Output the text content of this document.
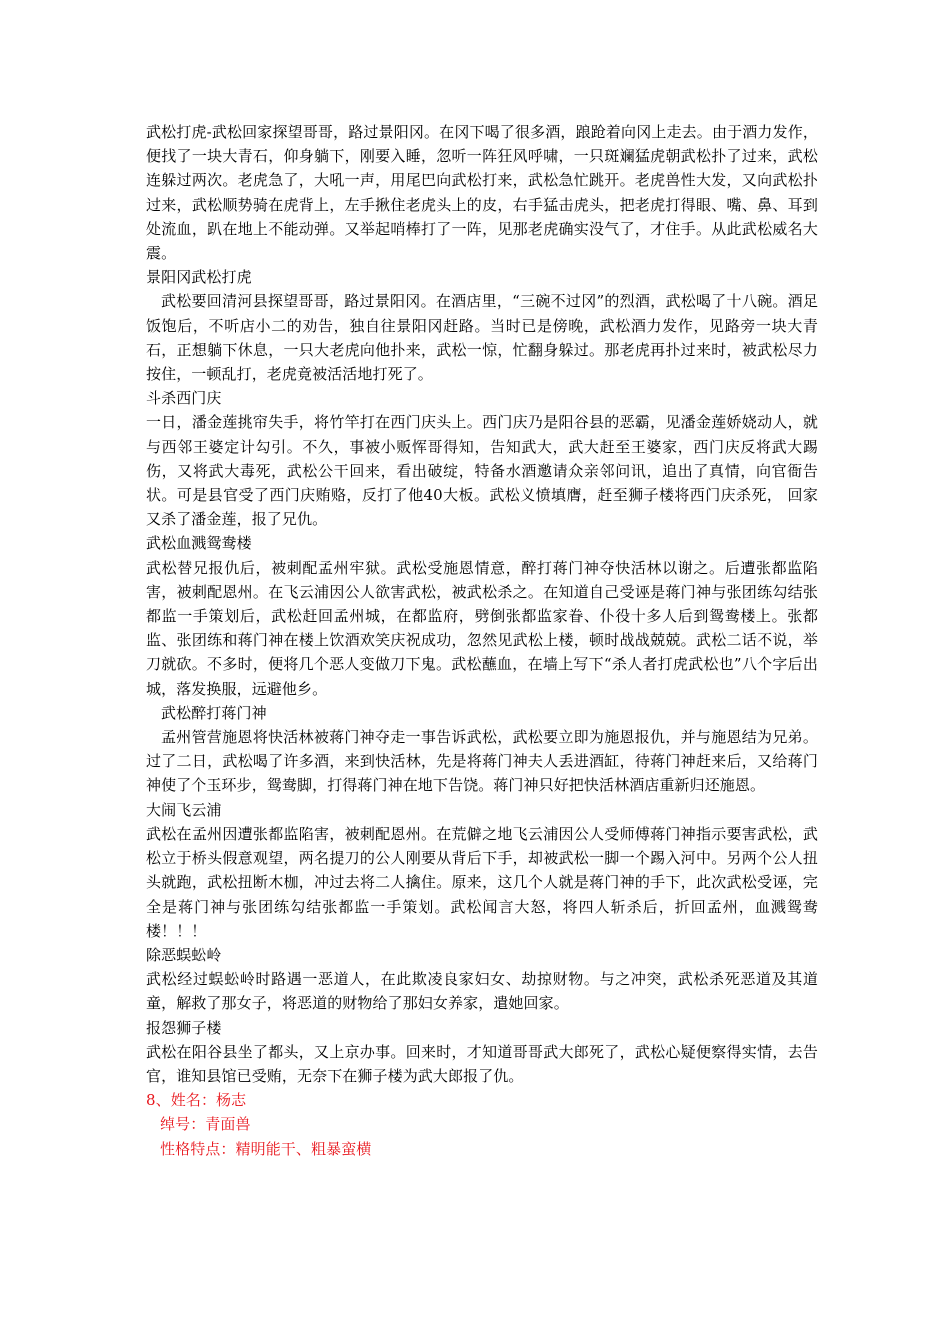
武松打虎-武松回家探望哥哥，路过景阳冈。在冈下喝了很多酒，踉跄着向冈上走去。由于酒力发作，便找了一块大青石，仰身躺下，刚要入睡，忽听一阵狂风呼啸，一只斑斓猛虎朝武松扑了过来，武松连躲过两次。老虎急了，大吼一声，用尾巴向武松打来，武松急忙跳开。老虎兽性大发，又向武松扑过来，武松顺势骑在虎背上，左手揪住老虎头上的皮，右手猛击虎头，把老虎打得眼、嘴、鼻、耳到处流血，趴在地上不能动弹。又举起哨棒打了一阵，见那老虎确实没气了，才住手。从此武松威名大震。

景阳冈武松打虎

武松要回清河县探望哥哥，路过景阳冈。在酒店里，“三碗不过冈”的烈酒，武松喝了十八碗。酒足饭饱后，不听店小二的劝告，独自往景阳冈赶路。当时已是傍晚，武松酒力发作，见路旁一块大青石，正想躺下休息，一只大老虎向他扑来，武松一惊，忙翻身躲过。那老虎再扑过来时，被武松尽力按住，一顿乱打，老虎竟被活活地打死了。

斗杀西门庆

一日，潘金莲挑帘失手，将竹竿打在西门庆头上。西门庆乃是阳谷县的恶霸，见潘金莲娇娆动人，就与西邻王婆定计勾引。不久，事被小贩恽哥得知，告知武大，武大赶至王婆家，西门庆反将武大踢伤，又将武大毒死，武松公干回来，看出破绽，特备水酒邀请众亲邻问讯，追出了真情，向官衙告状。可是县官受了西门庆贿赂，反打了他40大板。武松义愤填膺，赶至狮子楼将西门庆杀死， 回家又杀了潘金莲，报了兄仇。

武松血溅鸳鸯楼

武松替兄报仇后，被刺配孟州牢狱。武松受施恩情意，醉打蒋门神夺快活林以谢之。后遭张都监陷害，被刺配恩州。在飞云浦因公人欲害武松，被武松杀之。在知道自己受诬是蒋门神与张团练勾结张都监一手策划后，武松赶回孟州城，在都监府，劈倒张都监家眷、仆役十多人后到鸳鸯楼上。张都监、张团练和蒋门神在楼上饮酒欢笑庆祝成功，忽然见武松上楼，顿时战战兢兢。武松二话不说，举刀就砍。不多时，便将几个恶人变做刀下鬼。武松蘸血，在墙上写下“杀人者打虎武松也”八个字后出城，落发换服，远避他乡。

武松醉打蒋门神

孟州管营施恩将快活林被蒋门神夺走一事告诉武松，武松要立即为施恩报仇，并与施恩结为兄弟。过了二日，武松喝了许多酒，来到快活林，先是将蒋门神夫人丢进酒缸，待蒋门神赶来后，又给蒋门神使了个玉环步，鸳鸯脚，打得蒋门神在地下告饶。蒋门神只好把快活林酒店重新归还施恩。

大闹飞云浦

武松在孟州因遭张都监陷害，被刺配恩州。在荒僻之地飞云浦因公人受师傅蒋门神指示要害武松，武松立于桥头假意观望，两名提刀的公人刚要从背后下手，却被武松一脚一个踢入河中。另两个公人扭头就跑，武松扭断木枷，冲过去将二人擒住。原来，这几个人就是蒋门神的手下，此次武松受诬，完全是蒋门神与张团练勾结张都监一手策划。武松闻言大怒，将四人斩杀后，折回孟州，血溅鸳鸯楼！！！

除恶蜈蚣岭

武松经过蜈蚣岭时路遇一恶道人，在此欺凌良家妇女、劫掠财物。与之冲突，武松杀死恶道及其道童，解救了那女子，将恶道的财物给了那妇女养家，遣她回家。

报怨狮子楼

武松在阳谷县坐了都头，又上京办事。回来时，才知道哥哥武大郎死了，武松心疑便察得实情，去告官，谁知县馆已受贿，无奈下在狮子楼为武大郎报了仇。

8、姓名：杨志

绰号：青面兽

性格特点：精明能干、粗暴蛮横
